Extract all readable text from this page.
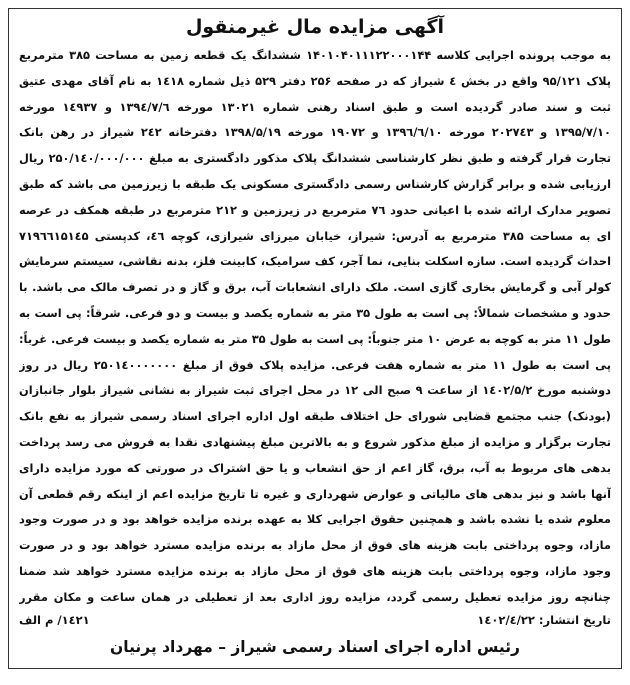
آگهی مزایده مال غیرمنقول

به موجب پرونده اجرایی کلاسه ۱۴۰۱۰۴۰۱۱۱۲۲۰۰۰۱۴۴ ششدانگ یک قطعه زمین به مساحت ۳۸۵ مترمربع پلاک ۹۵/۱۲۱ واقع در بخش ٤ شیراز که در صفحه ۲۵۶ دفتر ۵۲۹ ذیل شماره ۱٤۱۸ به نام آقای مهدی عتیق ثبت و سند صادر گردیده است و طبق اسناد رهنی شماره ۱۳۰۲۱ مورخه ۱۳۹٤/۷/٦ و ۱٤۹۳۷ مورخه ۱۳۹۵/۷/۱۰ و ۲۰۲۷٤۳ مورخه ۱۳۹٦/٦/۱۰ و ۱۹۰۷۲ مورخه ۱۳۹۸/۵/۱۹ دفترخانه ۲٤۲ شیراز در رهن بانک تجارت قرار گرفته و طبق نظر کارشناسی ششدانگ پلاک مذکور دادگستری به مبلغ ۲۵۰/۱٤۰/۰۰۰/۰۰۰ ریال ارزیابی شده و برابر گزارش کارشناس رسمی دادگستری مسکونی یک طبقه با زیرزمین می باشد که طبق تصویر مدارک ارائه شده با اعیانی حدود ۷٦ مترمربع در زیرزمین و ۲۱۲ مترمربع در طبقه همکف در عرصه ای به مساحت ۳۸۵ مترمربع به آدرس: شیراز، خیابان میرزای شیرازی، کوچه ٤٦، کدپستی ۷۱۹٦٦۱۵۱٤۵ احداث گردیده است. سازه اسکلت بنایی، نما آجر، کف سرامیک، کابینت فلز، بدنه نقاشی، سیستم سرمایش کولر آبی و گرمایش بخاری گازی است. ملک دارای انشعابات آب، برق و گاز و در تصرف مالک می باشد. با حدود و مشخصات شمالاً: پی است به طول ۳۵ متر به شماره یکصد و بیست و دو فرعی. شرقاً: پی است به طول ۱۱ متر به کوچه به عرض ۱۰ متر جنوباً: پی است به طول ۳۵ متر به شماره یکصد و بیست فرعی. غرباً: پی است به طول ۱۱ متر به شماره هفت فرعی. مزایده پلاک فوق از مبلغ ۲۵۰۱٤۰۰۰۰۰۰۰ ریال در روز دوشنبه مورخ ۱٤۰۲/۵/۲ از ساعت ۹ صبح الی ۱۲ در محل اجرای ثبت شیراز به نشانی شیراز بلوار جانبازان (بودنک) جنب مجتمع قضایی شورای حل اختلاف طبقه اول اداره اجرای اسناد رسمی شیراز به نفع بانک تجارت برگزار و مزایده از مبلغ مذکور شروع و به بالاترین مبلغ پیشنهادی نقدا به فروش می رسد پرداخت بدهی های مربوط به آب، برق، گاز اعم از حق انشعاب و یا حق اشتراک در صورتی که مورد مزایده دارای آنها باشد و نیز بدهی های مالیاتی و عوارض شهرداری و غیره تا تاریخ مزایده اعم از اینکه رقم قطعی آن معلوم شده یا نشده باشد و همچنین حقوق اجرایی کلا به عهده برنده مزایده خواهد بود و در صورت وجود مازاد، وجوه پرداختی بابت هزینه های فوق از محل مازاد به برنده مزایده مسترد خواهد بود و در صورت وجود مازاد، وجوه پرداختی بابت هزینه های فوق از محل مازاد به برنده مزایده مسترد خواهد شد ضمنا چنانچه روز مزایده تعطیل رسمی گردد، مزایده روز اداری بعد از تعطیلی در همان ساعت و مکان مقرر

تاریخ انتشار: ۱٤۰۲/٤/۲۲
۱٤۲۱/ م الف
رئیس اداره اجرای اسناد رسمی شیراز – مهرداد پرنیان
